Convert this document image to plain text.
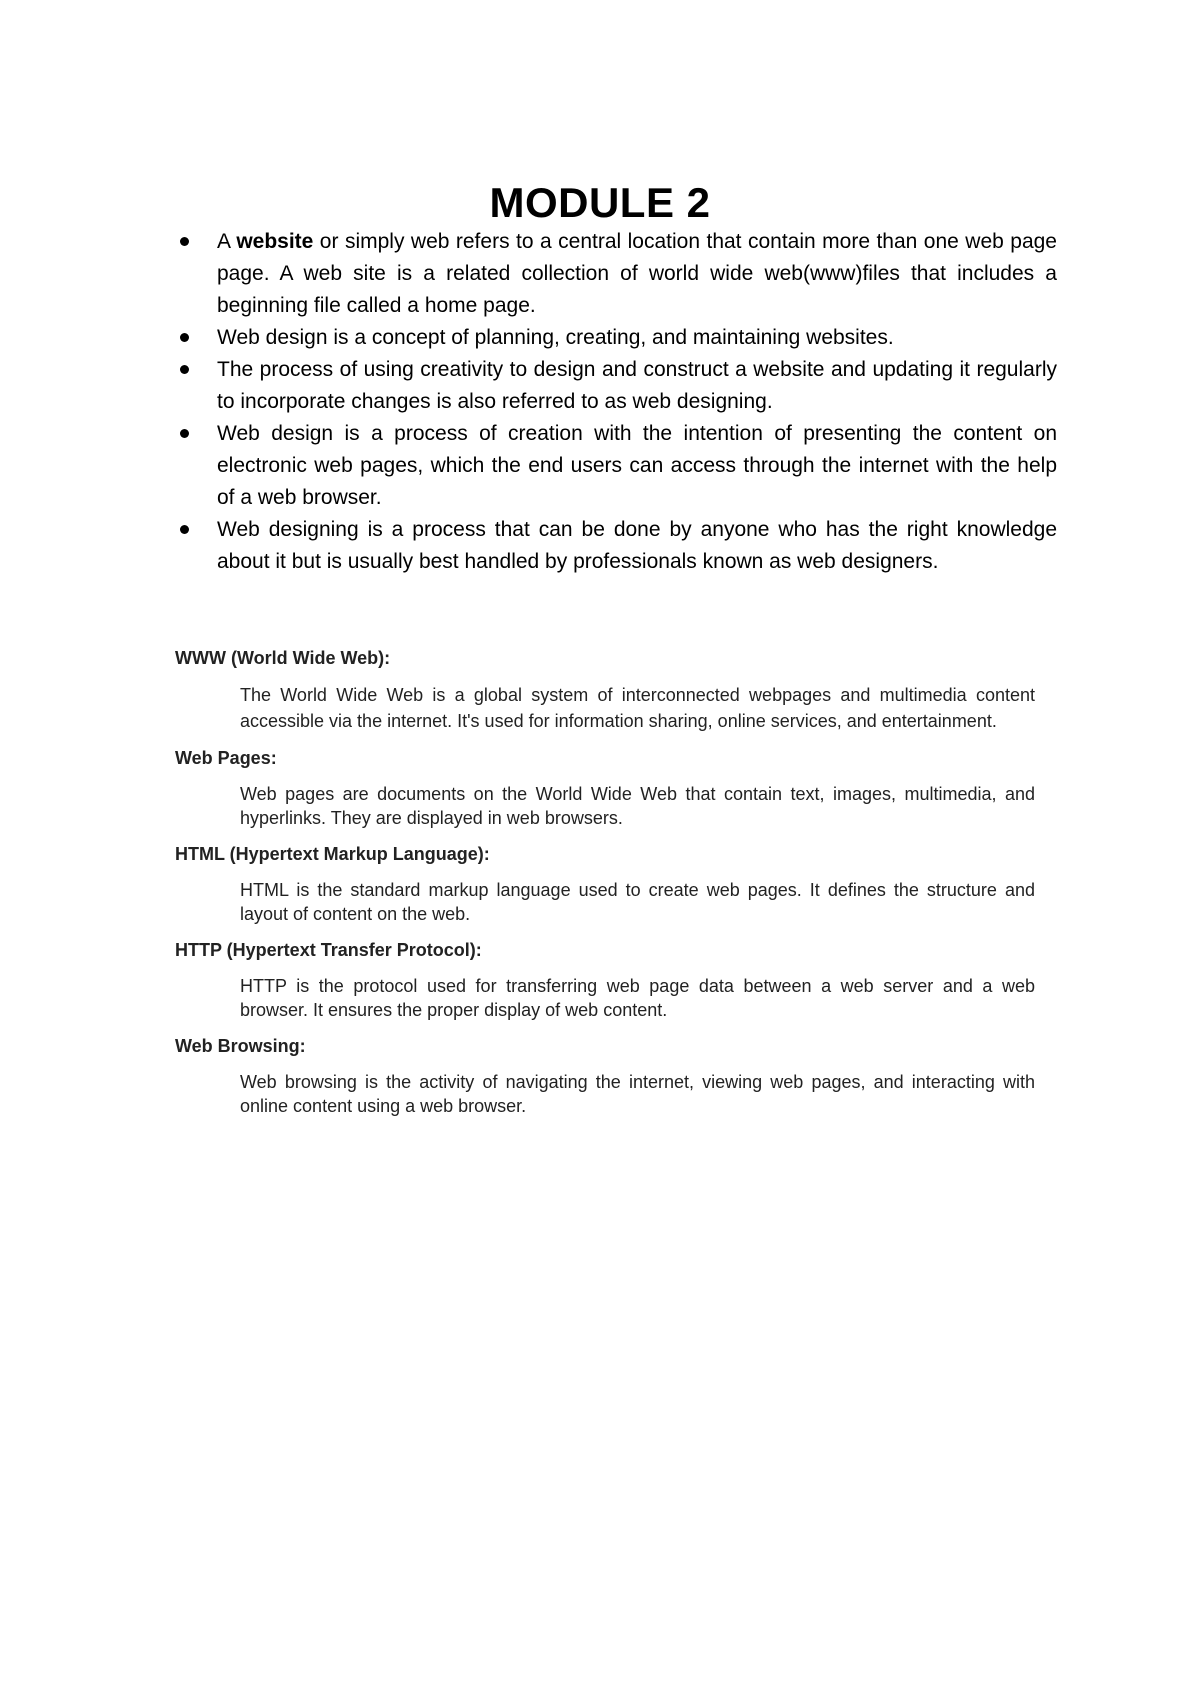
MODULE 2
A website or simply web refers to a central location that contain more than one web page page. A web site is a related collection of world wide web(www)files that includes a beginning file called a home page.
Web design is a concept of planning, creating, and maintaining websites.
The process of using creativity to design and construct a website and updating it regularly to incorporate changes is also referred to as web designing.
Web design is a process of creation with the intention of presenting the content on electronic web pages, which the end users can access through the internet with the help of a web browser.
Web designing is a process that can be done by anyone who has the right knowledge about it but is usually best handled by professionals known as web designers.

WWW (World Wide Web):

The World Wide Web is a global system of interconnected webpages and multimedia content accessible via the internet. It's used for information sharing, online services, and entertainment.

Web Pages:

Web pages are documents on the World Wide Web that contain text, images, multimedia, and hyperlinks. They are displayed in web browsers.

HTML (Hypertext Markup Language):

HTML is the standard markup language used to create web pages. It defines the structure and layout of content on the web.

HTTP (Hypertext Transfer Protocol):

HTTP is the protocol used for transferring web page data between a web server and a web browser. It ensures the proper display of web content.

Web Browsing:

Web browsing is the activity of navigating the internet, viewing web pages, and interacting with online content using a web browser.
